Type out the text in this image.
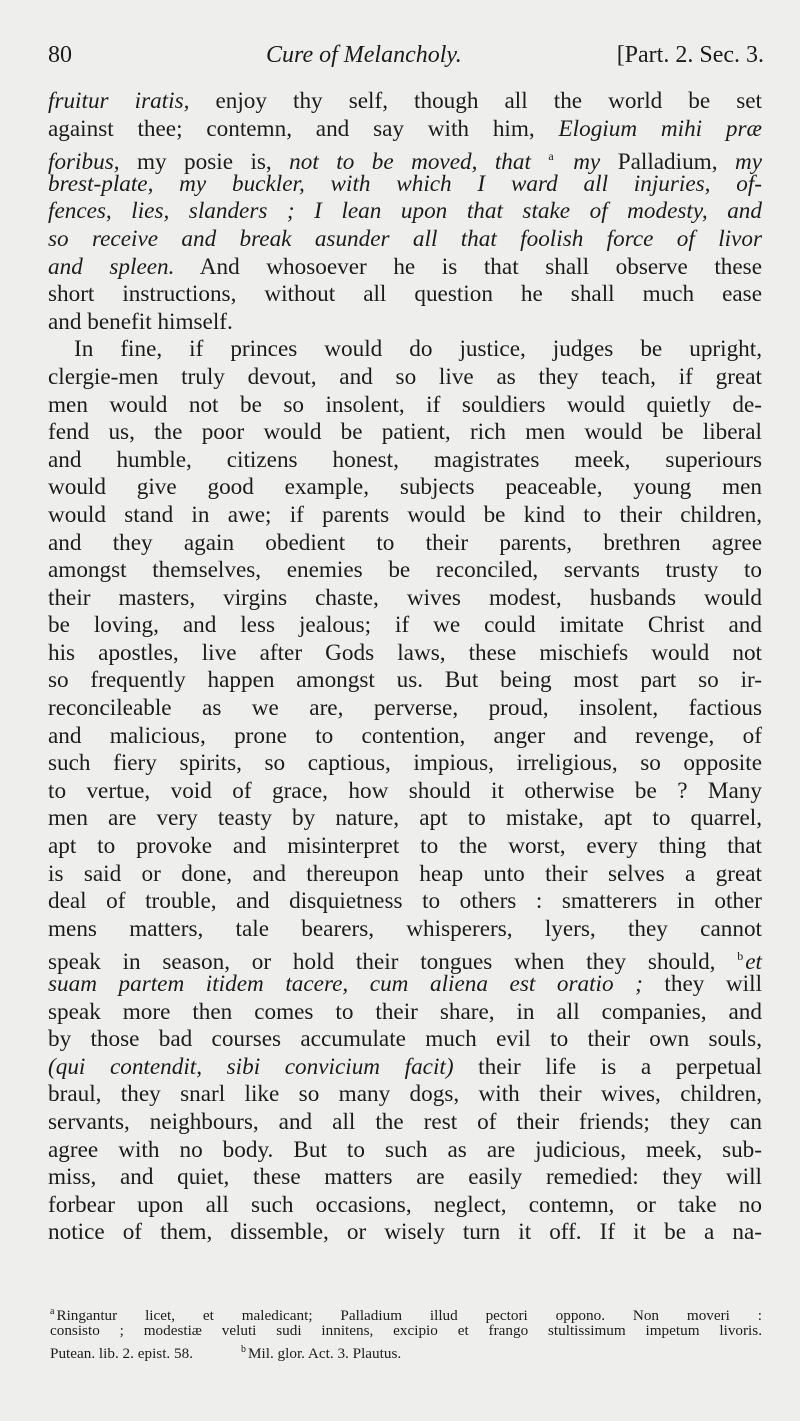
80	Cure of Melancholy.	[Part. 2. Sec. 3.
fruitur iratis, enjoy thy self, though all the world be set
against thee; contemn, and say with him, Elogium mihi præ
foribus, my posie is, not to be moved, that $^a$ my Palladium, my
brest-plate, my buckler, with which I ward all injuries, of-
fences, lies, slanders ; I lean upon that stake of modesty, and
so receive and break asunder all that foolish force of livor
and spleen. And whosoever he is that shall observe these
short instructions, without all question he shall much ease
and benefit himself.
In fine, if princes would do justice, judges be upright,
clergie-men truly devout, and so live as they teach, if great
men would not be so insolent, if souldiers would quietly de-
fend us, the poor would be patient, rich men would be liberal
and humble, citizens honest, magistrates meek, superiours
would give good example, subjects peaceable, young men
would stand in awe; if parents would be kind to their children,
and they again obedient to their parents, brethren agree
amongst themselves, enemies be reconciled, servants trusty to
their masters, virgins chaste, wives modest, husbands would
be loving, and less jealous; if we could imitate Christ and
his apostles, live after Gods laws, these mischiefs would not
so frequently happen amongst us. But being most part so ir-
reconcileable as we are, perverse, proud, insolent, factious
and malicious, prone to contention, anger and revenge, of
such fiery spirits, so captious, impious, irreligious, so opposite
to vertue, void of grace, how should it otherwise be ? Many
men are very teasty by nature, apt to mistake, apt to quarrel,
apt to provoke and misinterpret to the worst, every thing that
is said or done, and thereupon heap unto their selves a great
deal of trouble, and disquietness to others : smatterers in other
mens matters, tale bearers, whisperers, lyers, they cannot
speak in season, or hold their tongues when they should, $^b$et
suam partem itidem tacere, cum aliena est oratio ; they will
speak more then comes to their share, in all companies, and
by those bad courses accumulate much evil to their own souls,
(qui contendit, sibi convicium facit) their life is a perpetual
braul, they snarl like so many dogs, with their wives, children,
servants, neighbours, and all the rest of their friends; they can
agree with no body. But to such as are judicious, meek, sub-
miss, and quiet, these matters are easily remedied: they will
forbear upon all such occasions, neglect, contemn, or take no
notice of them, dissemble, or wisely turn it off. If it be a na-
$^a$ Ringantur licet, et maledicant; Palladium illud pectori oppono. Non moveri :
consisto ; modestiæ veluti sudi innitens, excipio et frango stultissimum impetum livoris.
Putean. lib. 2. epist. 58.	$^b$ Mil. glor. Act. 3. Plautus.
